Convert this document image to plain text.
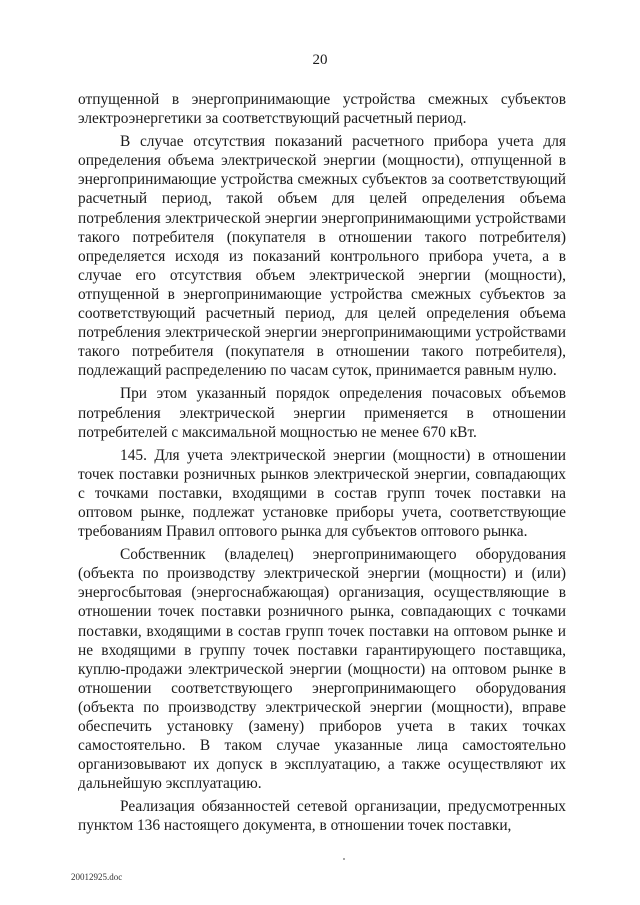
20

отпущенной в энергопринимающие устройства смежных субъектов электроэнергетики за соответствующий расчетный период.

В случае отсутствия показаний расчетного прибора учета для определения объема электрической энергии (мощности), отпущенной в энергопринимающие устройства смежных субъектов за соответствующий расчетный период, такой объем для целей определения объема потребления электрической энергии энергопринимающими устройствами такого потребителя (покупателя в отношении такого потребителя) определяется исходя из показаний контрольного прибора учета, а в случае его отсутствия объем электрической энергии (мощности), отпущенной в энергопринимающие устройства смежных субъектов за соответствующий расчетный период, для целей определения объема потребления электрической энергии энергопринимающими устройствами такого потребителя (покупателя в отношении такого потребителя), подлежащий распределению по часам суток, принимается равным нулю.

При этом указанный порядок определения почасовых объемов потребления электрической энергии применяется в отношении потребителей с максимальной мощностью не менее 670 кВт.

145. Для учета электрической энергии (мощности) в отношении точек поставки розничных рынков электрической энергии, совпадающих с точками поставки, входящими в состав групп точек поставки на оптовом рынке, подлежат установке приборы учета, соответствующие требованиям Правил оптового рынка для субъектов оптового рынка.

Собственник (владелец) энергопринимающего оборудования (объекта по производству электрической энергии (мощности) и (или) энергосбытовая (энергоснабжающая) организация, осуществляющие в отношении точек поставки розничного рынка, совпадающих с точками поставки, входящими в состав групп точек поставки на оптовом рынке и не входящими в группу точек поставки гарантирующего поставщика, куплю-продажи электрической энергии (мощности) на оптовом рынке в отношении соответствующего энергопринимающего оборудования (объекта по производству электрической энергии (мощности), вправе обеспечить установку (замену) приборов учета в таких точках самостоятельно. В таком случае указанные лица самостоятельно организовывают их допуск в эксплуатацию, а также осуществляют их дальнейшую эксплуатацию.

Реализация обязанностей сетевой организации, предусмотренных пунктом 136 настоящего документа, в отношении точек поставки,

20012925.doc
